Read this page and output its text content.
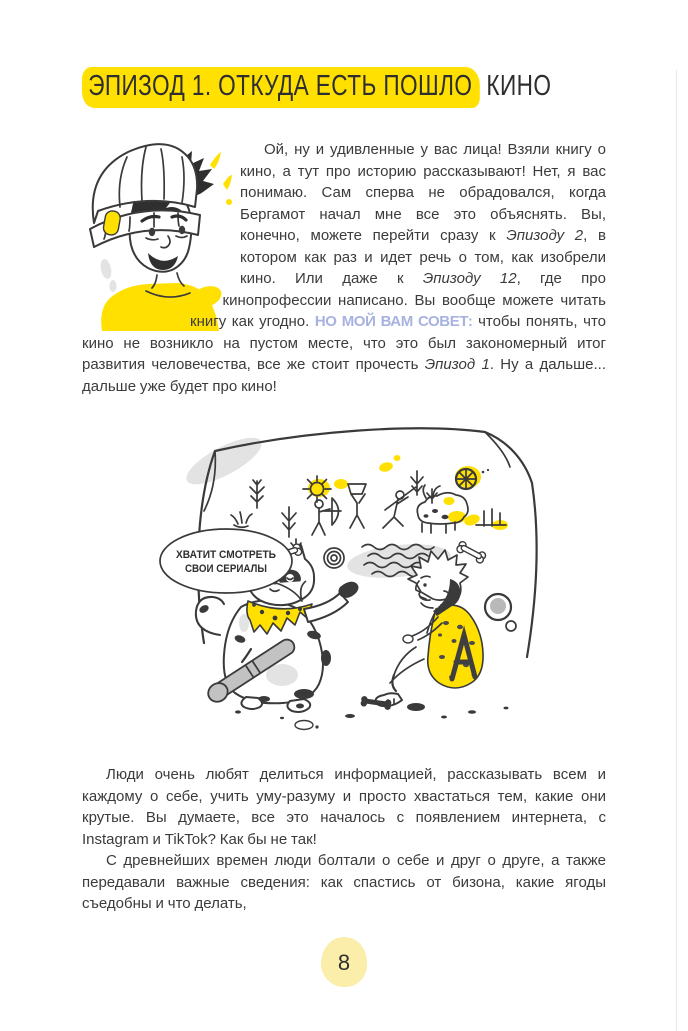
ЭПИЗОД 1. ОТКУДА ЕСТЬ ПОШЛО КИНО

Ой, ну и удивленные у вас лица! Взяли книгу о кино, а тут про историю рассказывают! Нет, я вас понимаю. Сам сперва не обрадовался, когда Бергамот начал мне все это объяснять. Вы, конечно, можете перейти сразу к Эпизоду 2, в котором как раз и идет речь о том, как изобрели кино. Или даже к Эпизоду 12, где про кинопрофессии написано. Вы вообще можете читать книгу как угодно. НО МОЙ ВАМ СОВЕТ: чтобы понять, что кино не возникло на пустом месте, что это был закономерный итог развития человечества, все же стоит прочесть Эпизод 1. Ну а дальше... дальше уже будет про кино!

ХВАТИТ СМОТРЕТЬ
СВОИ СЕРИАЛЫ

Люди очень любят делиться информацией, рассказывать всем и каждому о себе, учить уму-разуму и просто хвастаться тем, какие они крутые. Вы думаете, все это началось с появлением интернета, с Instagram и TikTok? Как бы не так!

С древнейших времен люди болтали о себе и друг о друге, а также передавали важные сведения: как спастись от бизона, какие ягоды съедобны и что делать,

8
